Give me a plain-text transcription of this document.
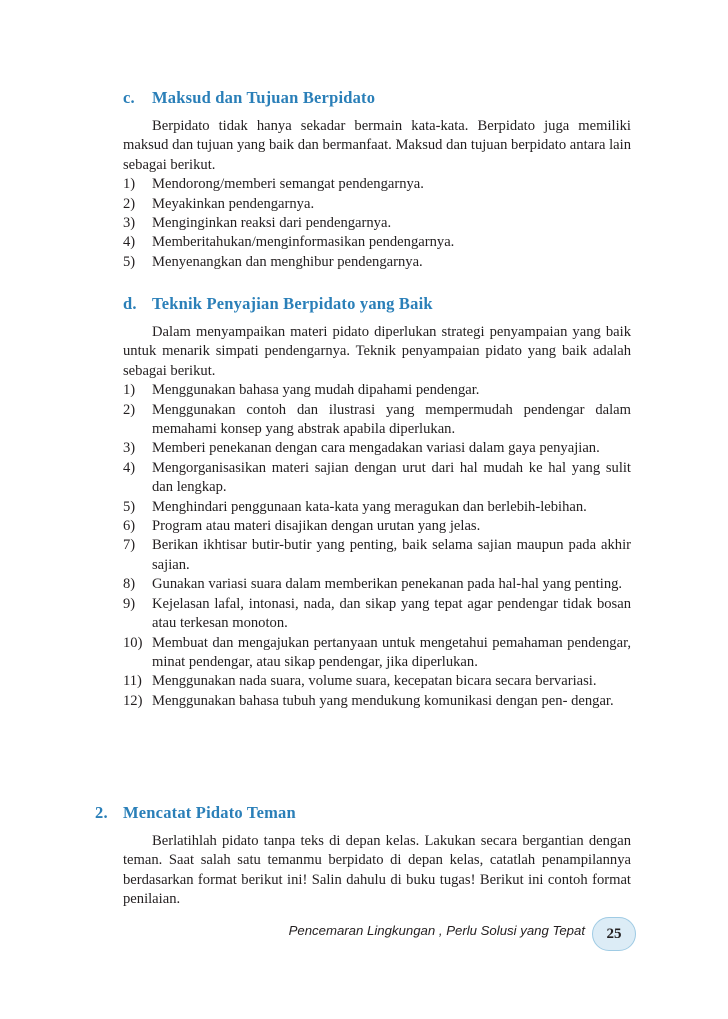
c. Maksud dan Tujuan Berpidato

Berpidato tidak hanya sekadar bermain kata-kata. Berpidato juga memiliki maksud dan tujuan yang baik dan bermanfaat. Maksud dan tujuan berpidato antara lain sebagai berikut.

1) Mendorong/memberi semangat pendengarnya.
2) Meyakinkan pendengarnya.
3) Menginginkan reaksi dari pendengarnya.
4) Memberitahukan/menginformasikan pendengarnya.
5) Menyenangkan dan menghibur pendengarnya.
d. Teknik Penyajian Berpidato yang Baik

Dalam menyampaikan materi pidato diperlukan strategi penyampaian yang baik untuk menarik simpati pendengarnya. Teknik penyampaian pidato yang baik adalah sebagai berikut.

1) Menggunakan bahasa yang mudah dipahami pendengar.
2) Menggunakan contoh dan ilustrasi yang mempermudah pendengar dalam memahami konsep yang abstrak apabila diperlukan.
3) Memberi penekanan dengan cara mengadakan variasi dalam gaya penyajian.
4) Mengorganisasikan materi sajian dengan urut dari hal mudah ke hal yang sulit dan lengkap.
5) Menghindari penggunaan kata-kata yang meragukan dan berlebih-lebihan.
6) Program atau materi disajikan dengan urutan yang jelas.
7) Berikan ikhtisar butir-butir yang penting, baik selama sajian maupun pada akhir sajian.
8) Gunakan variasi suara dalam memberikan penekanan pada hal-hal yang penting.
9) Kejelasan lafal, intonasi, nada, dan sikap yang tepat agar pendengar tidak bosan atau terkesan monoton.
10) Membuat dan mengajukan pertanyaan untuk mengetahui pemahaman pendengar, minat pendengar, atau sikap pendengar, jika diperlukan.
11) Menggunakan nada suara, volume suara, kecepatan bicara secara bervariasi.
12) Menggunakan bahasa tubuh yang mendukung komunikasi dengan pen- dengar.
2. Mencatat Pidato Teman

Berlatihlah pidato tanpa teks di depan kelas. Lakukan secara bergantian dengan teman. Saat salah satu temanmu berpidato di depan kelas, catatlah penampilannya berdasarkan format berikut ini! Salin dahulu di buku tugas! Berikut ini contoh format penilaian.

Pencemaran Lingkungan , Perlu Solusi yang Tepat 25
